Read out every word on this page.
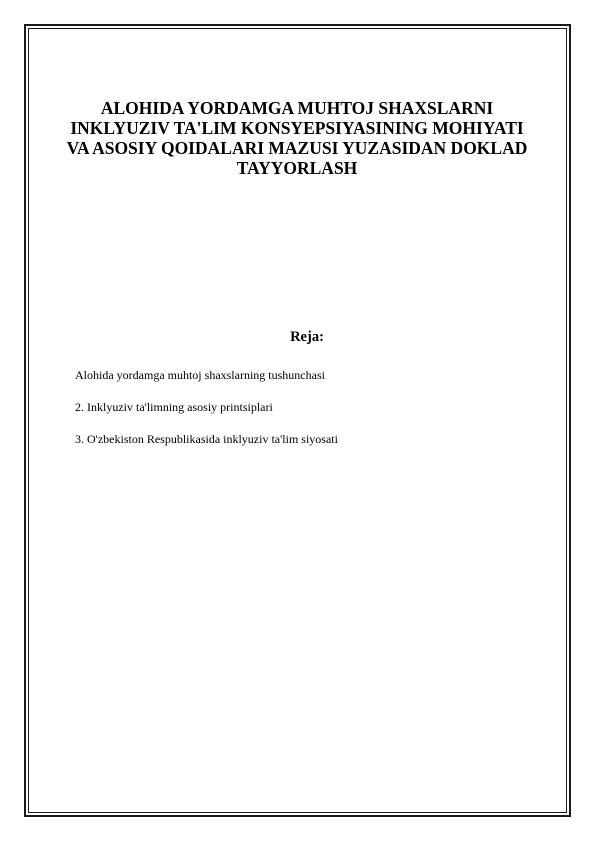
ALOHIDA YORDAMGA MUHTOJ SHAXSLARNI
INKLYUZIV TA'LIM KONSYEPSIYASINING MOHIYATI
VA ASOSIY QOIDALARI MAZUSI YUZASIDAN DOKLAD
TAYYORLASH
Reja:
Alohida yordamga muhtoj shaxslarning tushunchasi
2. Inklyuziv ta'limning asosiy printsiplari
3. O'zbekiston Respublikasida inklyuziv ta'lim siyosati
